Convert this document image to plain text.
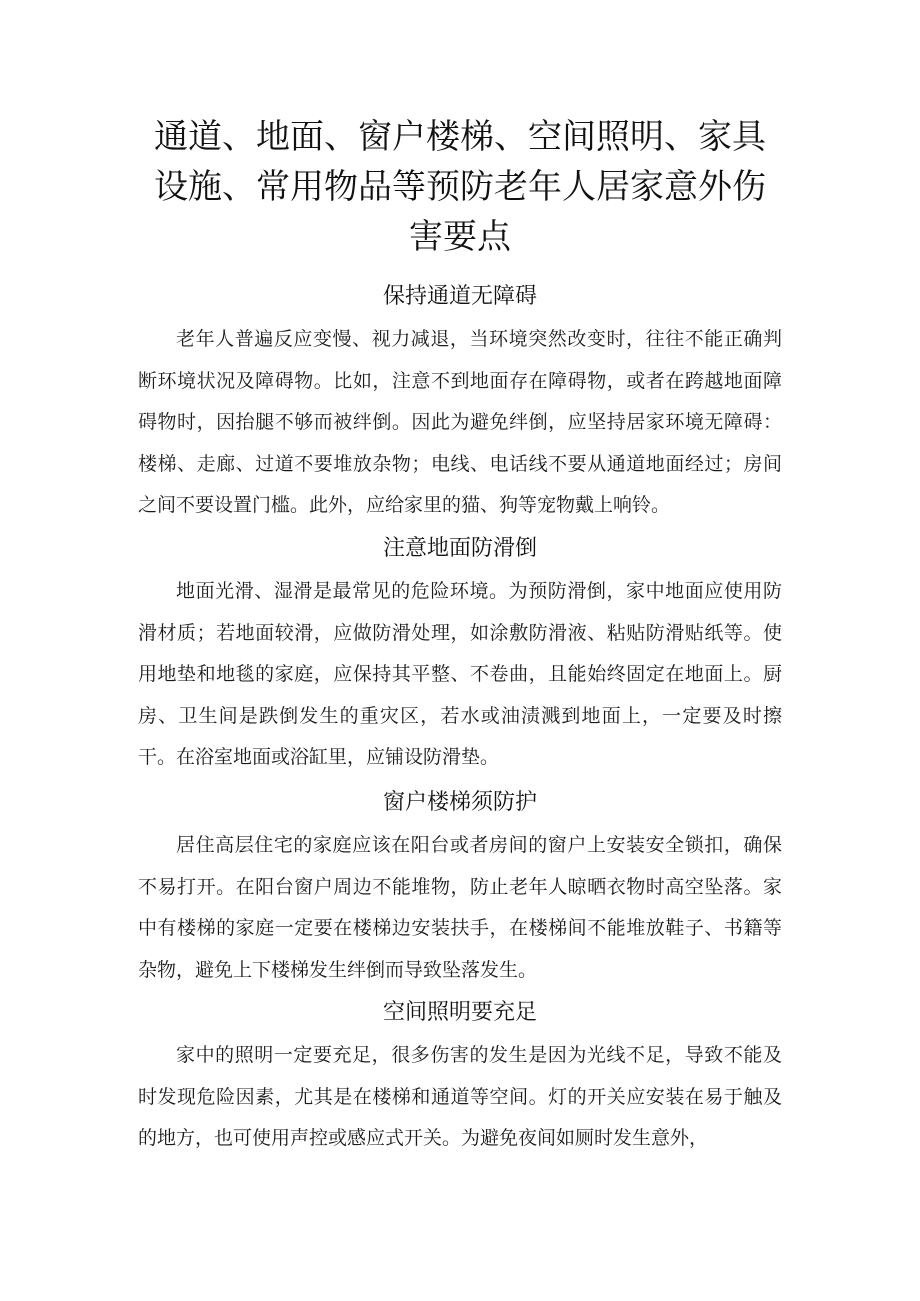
通道、地面、窗户楼梯、空间照明、家具设施、常用物品等预防老年人居家意外伤害要点
保持通道无障碍

老年人普遍反应变慢、视力减退，当环境突然改变时，往往不能正确判断环境状况及障碍物。比如，注意不到地面存在障碍物，或者在跨越地面障碍物时，因抬腿不够而被绊倒。因此为避免绊倒，应坚持居家环境无障碍：楼梯、走廊、过道不要堆放杂物；电线、电话线不要从通道地面经过；房间之间不要设置门槛。此外，应给家里的猫、狗等宠物戴上响铃。

注意地面防滑倒

地面光滑、湿滑是最常见的危险环境。为预防滑倒，家中地面应使用防滑材质；若地面较滑，应做防滑处理，如涂敷防滑液、粘贴防滑贴纸等。使用地垫和地毯的家庭，应保持其平整、不卷曲，且能始终固定在地面上。厨房、卫生间是跌倒发生的重灾区，若水或油渍溅到地面上，一定要及时擦干。在浴室地面或浴缸里，应铺设防滑垫。

窗户楼梯须防护

居住高层住宅的家庭应该在阳台或者房间的窗户上安装安全锁扣，确保不易打开。在阳台窗户周边不能堆物，防止老年人晾晒衣物时高空坠落。家中有楼梯的家庭一定要在楼梯边安装扶手，在楼梯间不能堆放鞋子、书籍等杂物，避免上下楼梯发生绊倒而导致坠落发生。

空间照明要充足

家中的照明一定要充足，很多伤害的发生是因为光线不足，导致不能及时发现危险因素，尤其是在楼梯和通道等空间。灯的开关应安装在易于触及的地方，也可使用声控或感应式开关。为避免夜间如厕时发生意外，
